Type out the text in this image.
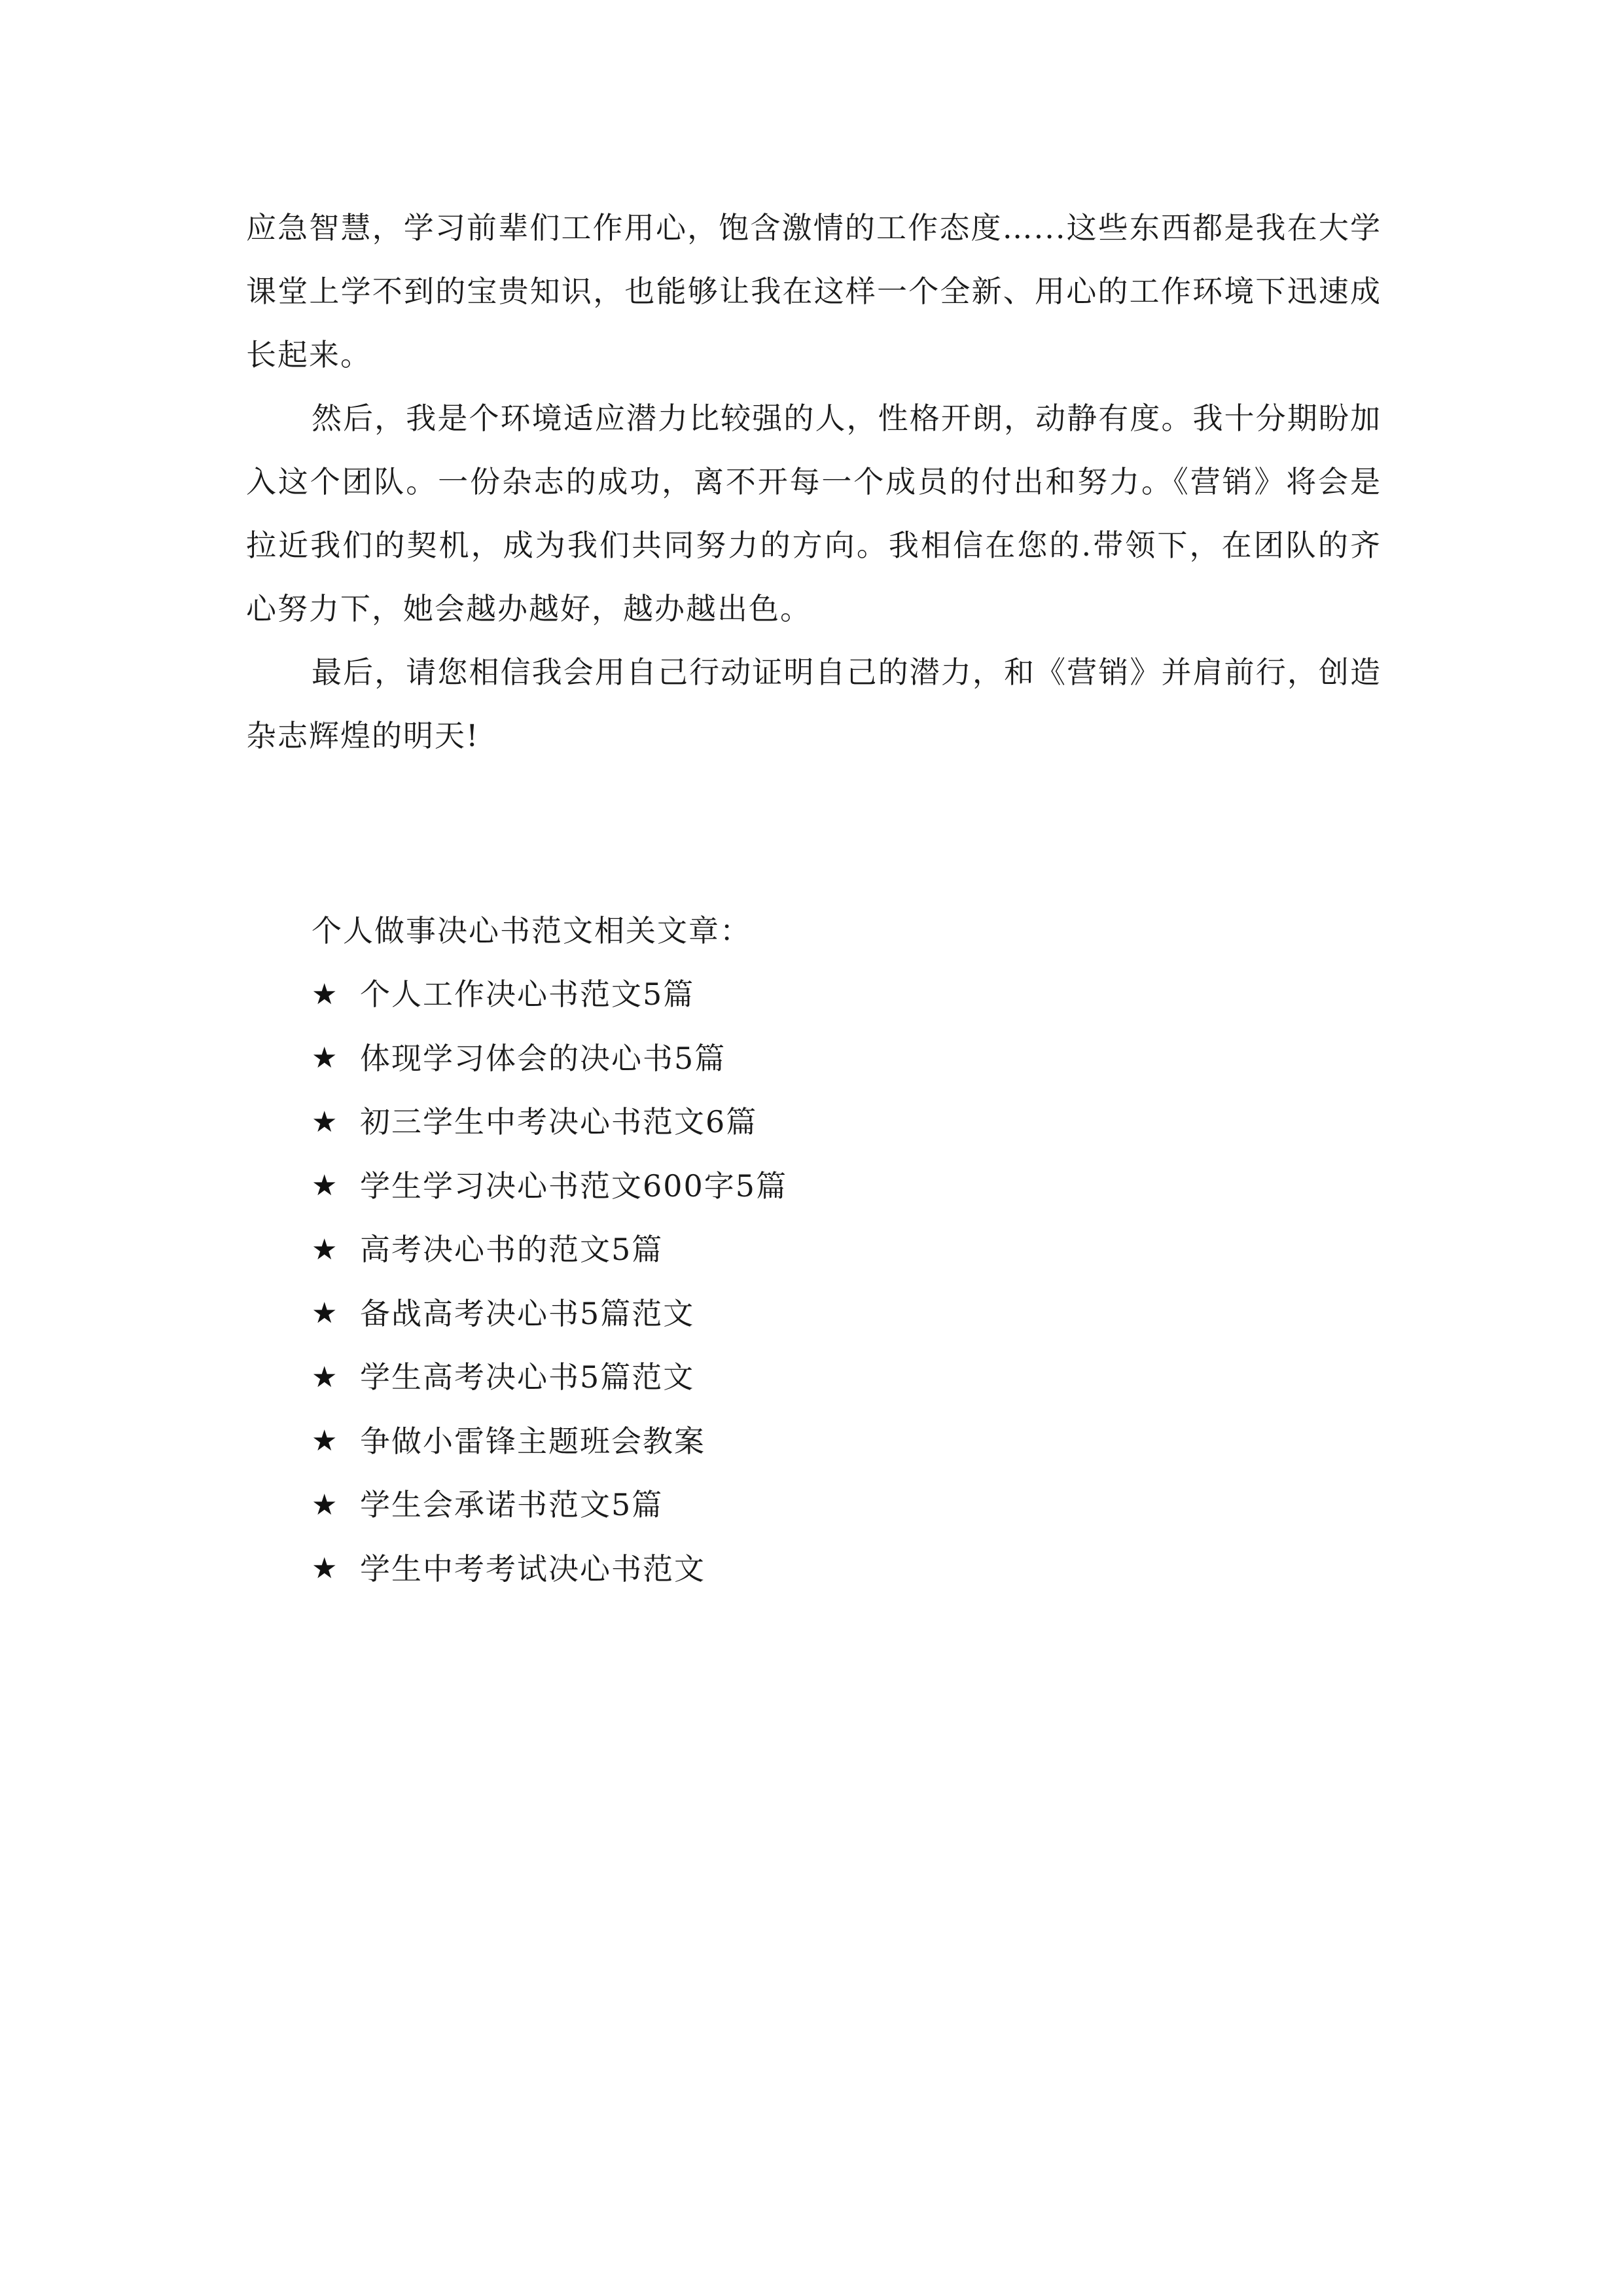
应急智慧，学习前辈们工作用心，饱含激情的工作态度…...这些东西都是我在大学课堂上学不到的宝贵知识，也能够让我在这样一个全新、用心的工作环境下迅速成长起来。

然后，我是个环境适应潜力比较强的人，性格开朗，动静有度。我十分期盼加入这个团队。一份杂志的成功，离不开每一个成员的付出和努力。《营销》将会是拉近我们的契机，成为我们共同努力的方向。我相信在您的.带领下，在团队的齐心努力下，她会越办越好，越办越出色。

最后，请您相信我会用自己行动证明自己的潜力，和《营销》并肩前行，创造杂志辉煌的明天!

个人做事决心书范文相关文章：

★ 个人工作决心书范文5篇
★ 体现学习体会的决心书5篇
★ 初三学生中考决心书范文6篇
★ 学生学习决心书范文600字5篇
★ 高考决心书的范文5篇
★ 备战高考决心书5篇范文
★ 学生高考决心书5篇范文
★ 争做小雷锋主题班会教案
★ 学生会承诺书范文5篇
★ 学生中考考试决心书范文
